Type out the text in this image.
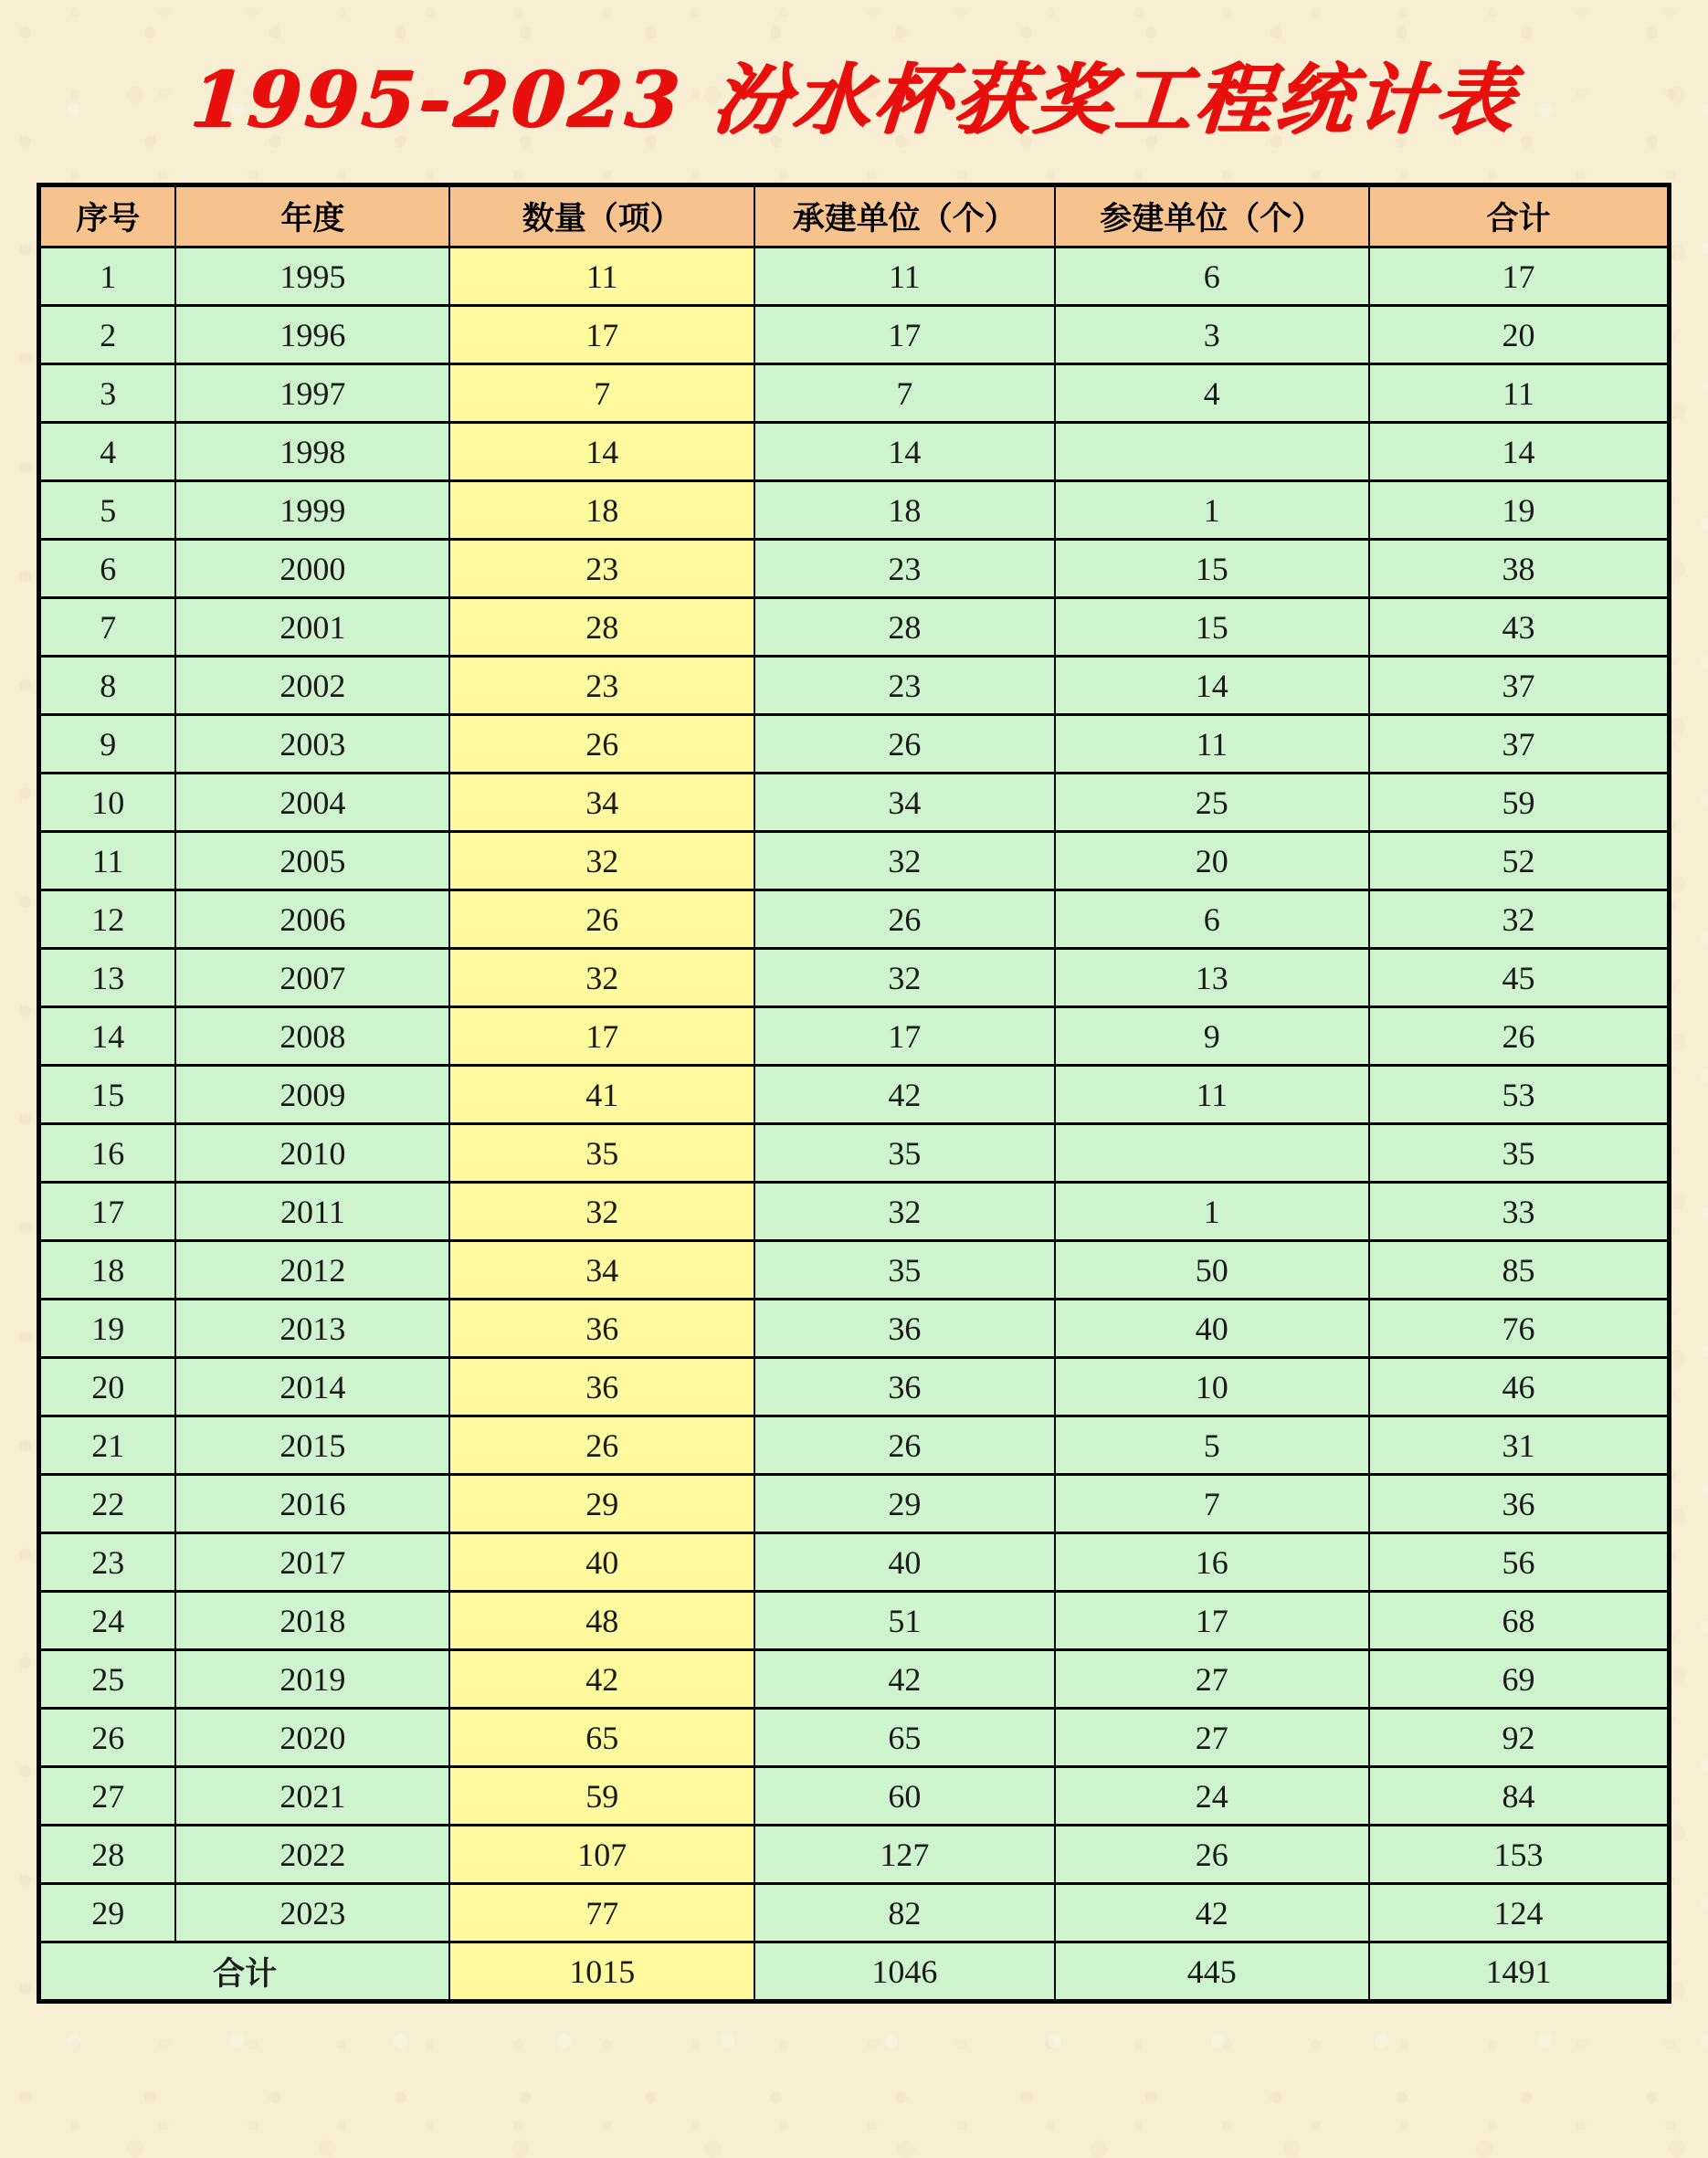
1995-2023 汾水杯获奖工程统计表
序号	年度	数量（项）	承建单位（个）	参建单位（个）	合计
1	1995	11	11	6	17
2	1996	17	17	3	20
3	1997	7	7	4	11
4	1998	14	14		14
5	1999	18	18	1	19
6	2000	23	23	15	38
7	2001	28	28	15	43
8	2002	23	23	14	37
9	2003	26	26	11	37
10	2004	34	34	25	59
11	2005	32	32	20	52
12	2006	26	26	6	32
13	2007	32	32	13	45
14	2008	17	17	9	26
15	2009	41	42	11	53
16	2010	35	35		35
17	2011	32	32	1	33
18	2012	34	35	50	85
19	2013	36	36	40	76
20	2014	36	36	10	46
21	2015	26	26	5	31
22	2016	29	29	7	36
23	2017	40	40	16	56
24	2018	48	51	17	68
25	2019	42	42	27	69
26	2020	65	65	27	92
27	2021	59	60	24	84
28	2022	107	127	26	153
29	2023	77	82	42	124
合计		1015	1046	445	1491
